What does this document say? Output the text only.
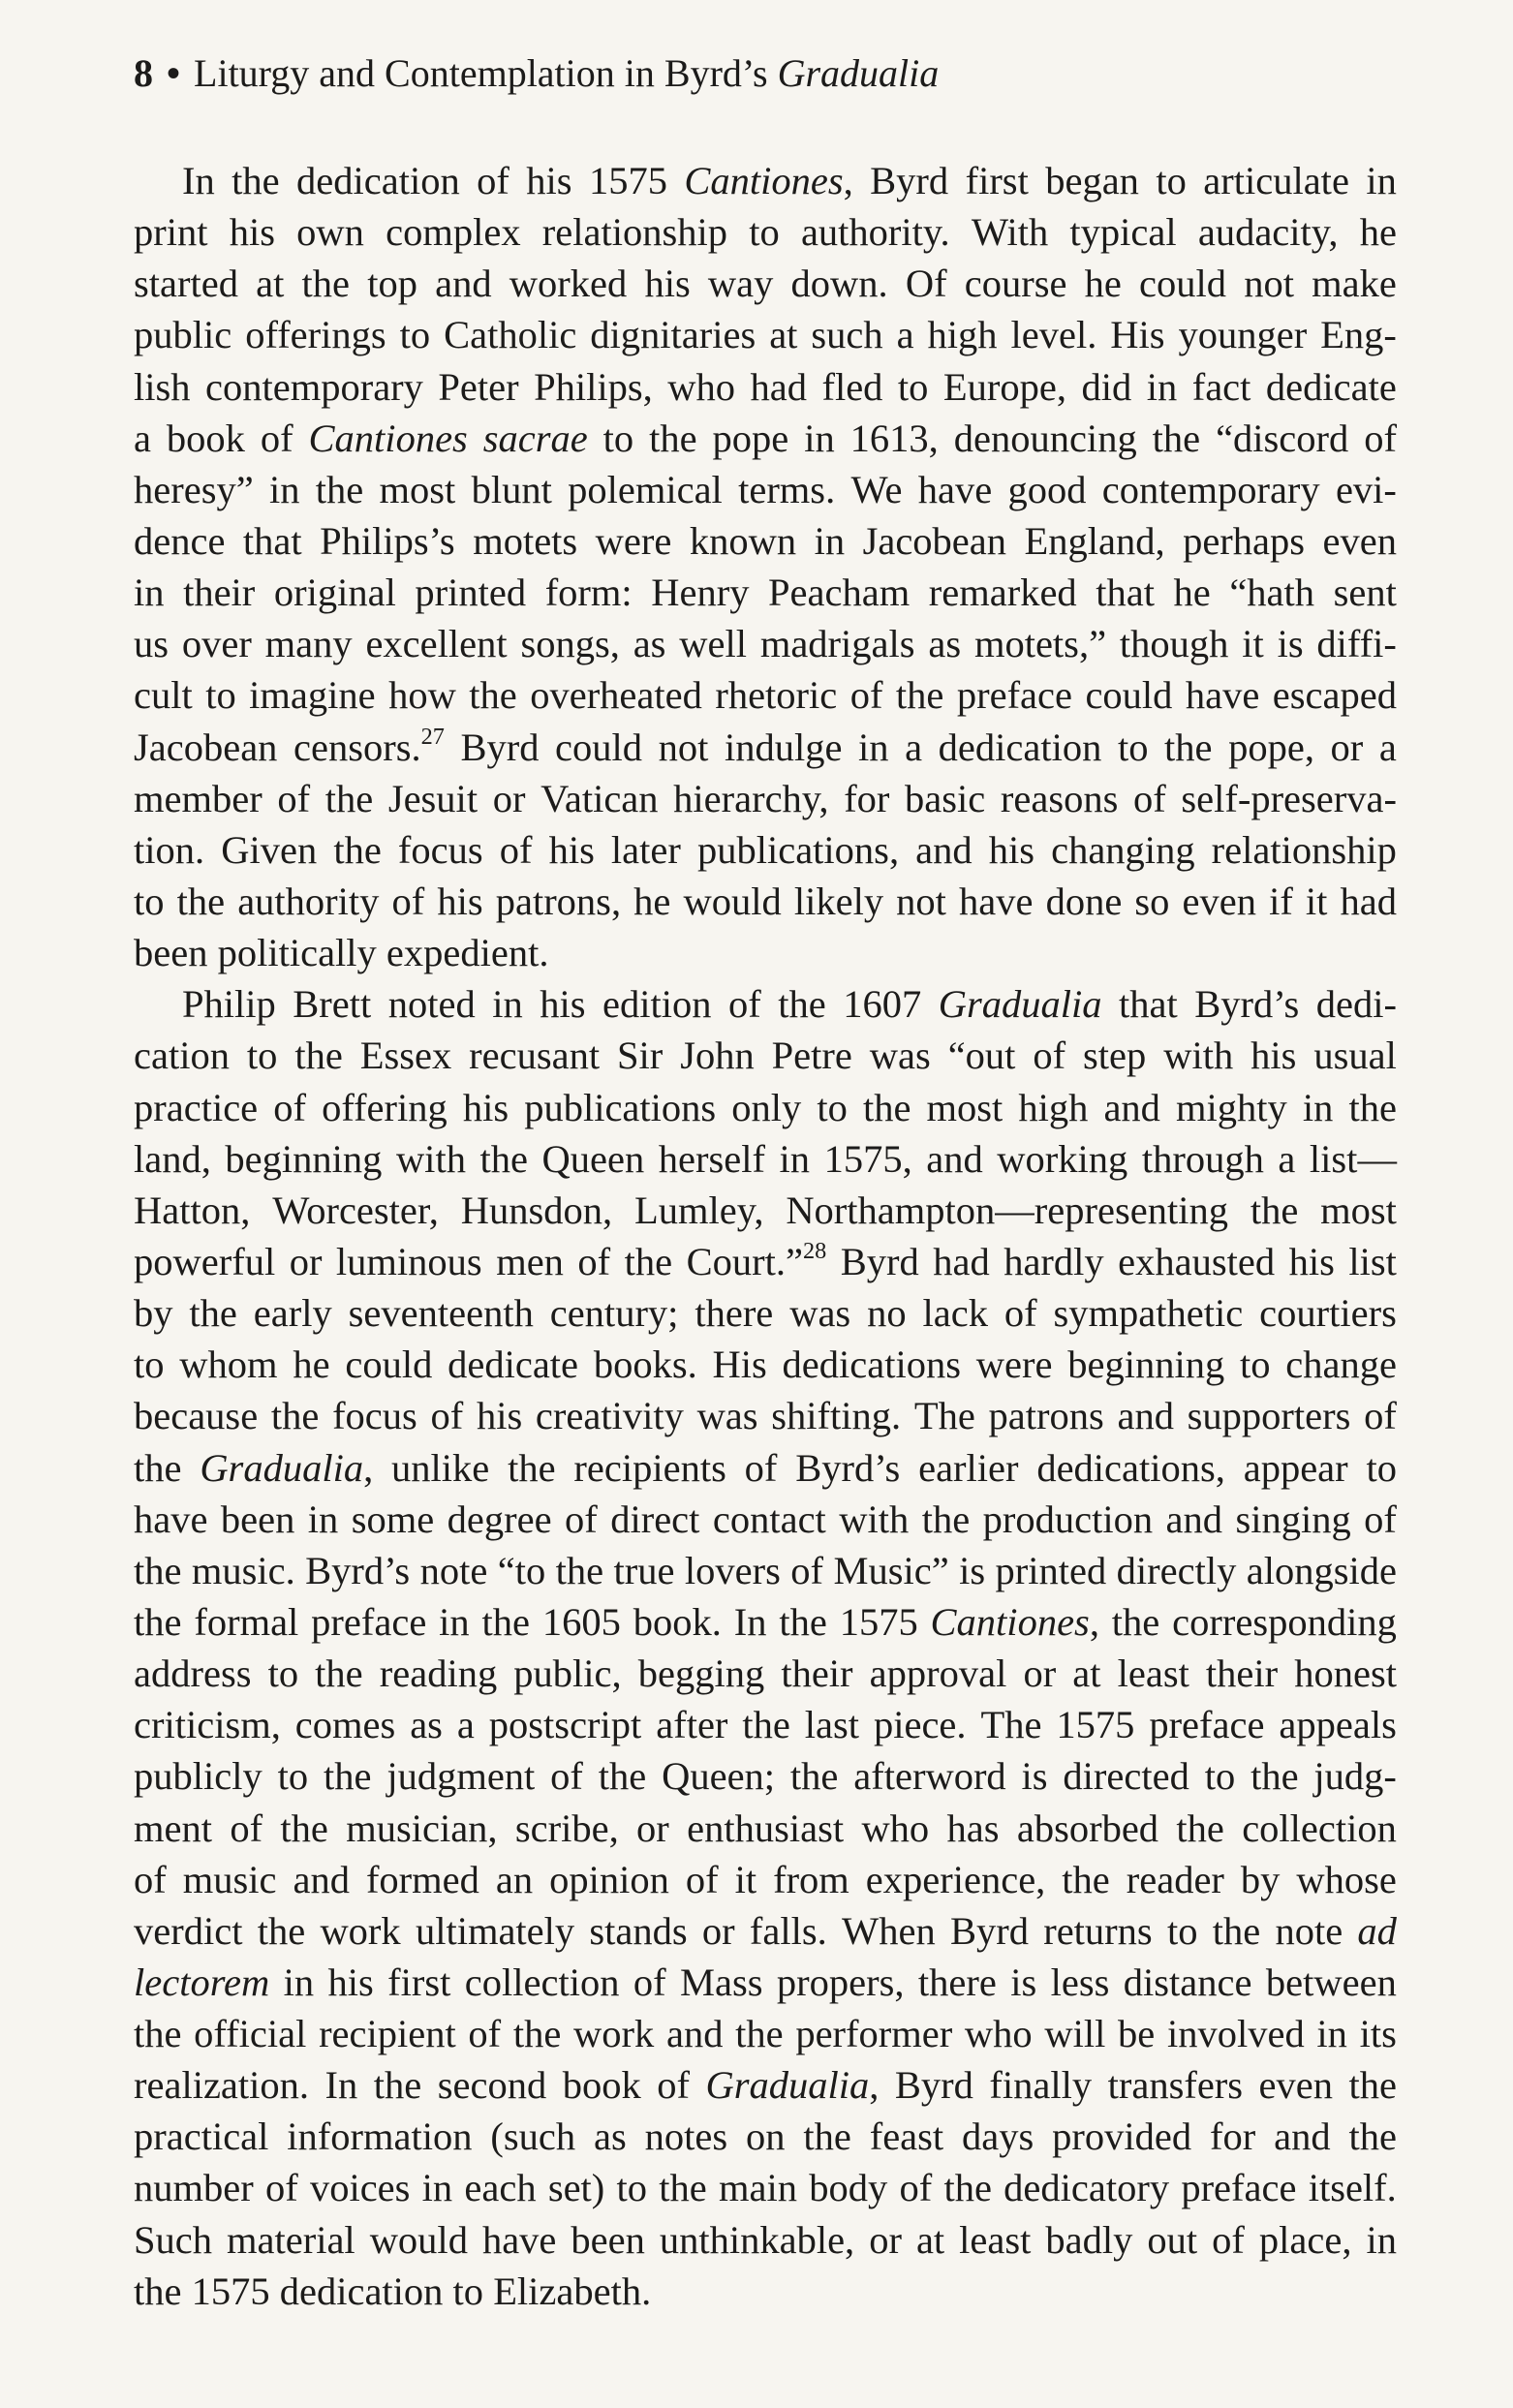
8 • Liturgy and Contemplation in Byrd’s Gradualia
In the dedication of his 1575 Cantiones, Byrd first began to articulate in
print his own complex relationship to authority. With typical audacity, he
started at the top and worked his way down. Of course he could not make
public offerings to Catholic dignitaries at such a high level. His younger Eng-
lish contemporary Peter Philips, who had fled to Europe, did in fact dedicate
a book of Cantiones sacrae to the pope in 1613, denouncing the “discord of
heresy” in the most blunt polemical terms. We have good contemporary evi-
dence that Philips’s motets were known in Jacobean England, perhaps even
in their original printed form: Henry Peacham remarked that he “hath sent
us over many excellent songs, as well madrigals as motets,” though it is diffi-
cult to imagine how the overheated rhetoric of the preface could have escaped
Jacobean censors.$^{27}$ Byrd could not indulge in a dedication to the pope, or a
member of the Jesuit or Vatican hierarchy, for basic reasons of self-preserva-
tion. Given the focus of his later publications, and his changing relationship
to the authority of his patrons, he would likely not have done so even if it had
been politically expedient.
Philip Brett noted in his edition of the 1607 Gradualia that Byrd’s dedi-
cation to the Essex recusant Sir John Petre was “out of step with his usual
practice of offering his publications only to the most high and mighty in the
land, beginning with the Queen herself in 1575, and working through a list—
Hatton, Worcester, Hunsdon, Lumley, Northampton—representing the most
powerful or luminous men of the Court.”$^{28}$ Byrd had hardly exhausted his list
by the early seventeenth century; there was no lack of sympathetic courtiers
to whom he could dedicate books. His dedications were beginning to change
because the focus of his creativity was shifting. The patrons and supporters of
the Gradualia, unlike the recipients of Byrd’s earlier dedications, appear to
have been in some degree of direct contact with the production and singing of
the music. Byrd’s note “to the true lovers of Music” is printed directly alongside
the formal preface in the 1605 book. In the 1575 Cantiones, the corresponding
address to the reading public, begging their approval or at least their honest
criticism, comes as a postscript after the last piece. The 1575 preface appeals
publicly to the judgment of the Queen; the afterword is directed to the judg-
ment of the musician, scribe, or enthusiast who has absorbed the collection
of music and formed an opinion of it from experience, the reader by whose
verdict the work ultimately stands or falls. When Byrd returns to the note ad
lectorem in his first collection of Mass propers, there is less distance between
the official recipient of the work and the performer who will be involved in its
realization. In the second book of Gradualia, Byrd finally transfers even the
practical information (such as notes on the feast days provided for and the
number of voices in each set) to the main body of the dedicatory preface itself.
Such material would have been unthinkable, or at least badly out of place, in
the 1575 dedication to Elizabeth.
